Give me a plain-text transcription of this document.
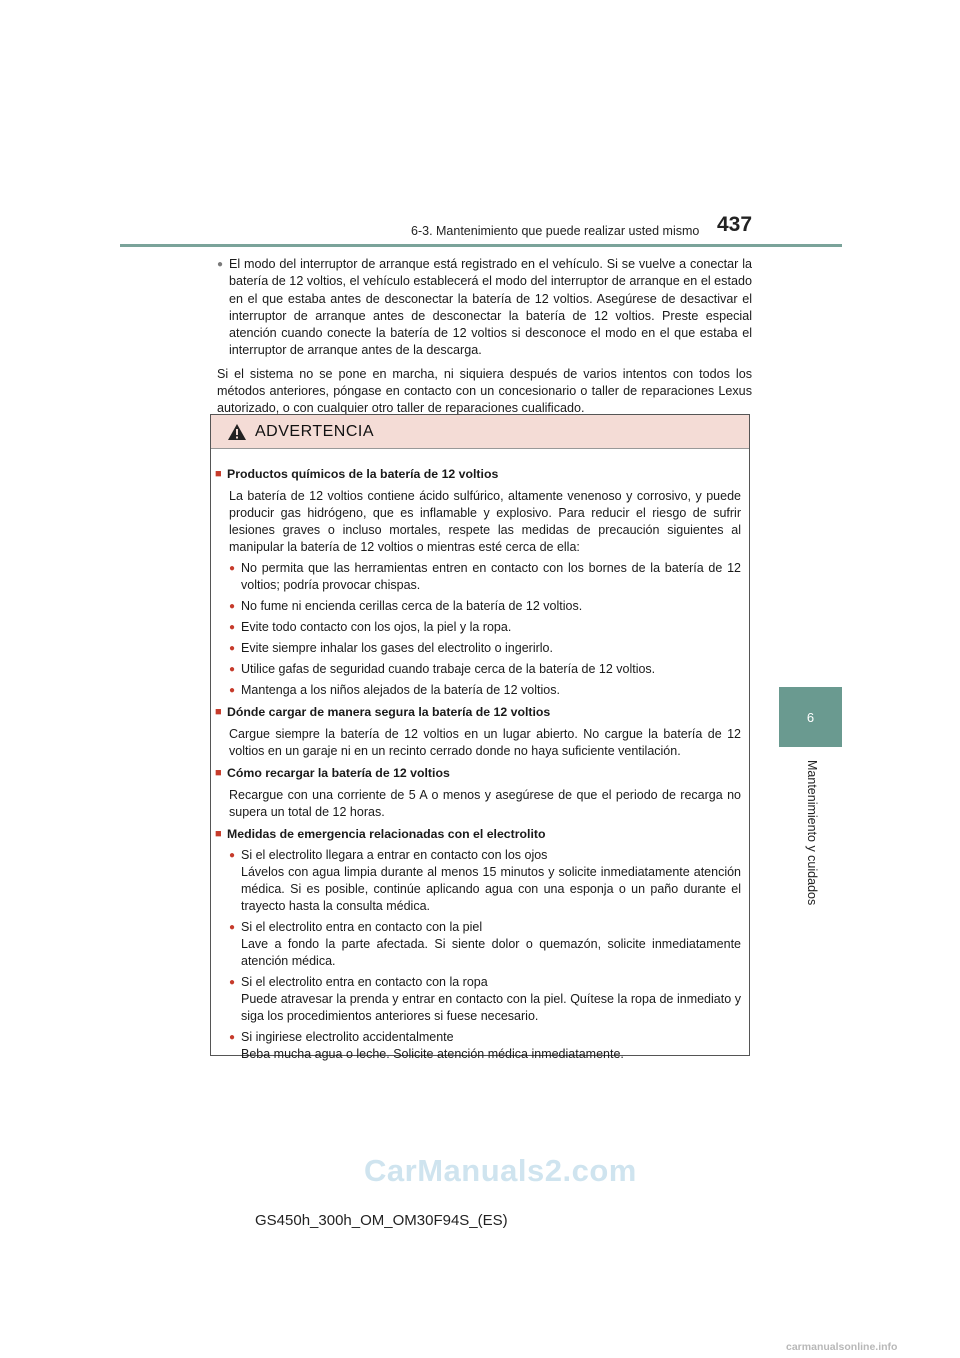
6-3. Mantenimiento que puede realizar usted mismo 437
6
Mantenimiento y cuidados
● El modo del interruptor de arranque está registrado en el vehículo. Si se vuelve a conectar la batería de 12 voltios, el vehículo establecerá el modo del interruptor de arranque en el estado en el que estaba antes de desconectar la batería de 12 voltios. Asegúrese de desactivar el interruptor de arranque antes de desconectar la batería de 12 voltios. Preste especial atención cuando conecte la batería de 12 voltios si desconoce el modo en el que estaba el interruptor de arranque antes de la descarga.
Si el sistema no se pone en marcha, ni siquiera después de varios intentos con todos los métodos anteriores, póngase en contacto con un concesionario o taller de reparaciones Lexus autorizado, o con cualquier otro taller de reparaciones cualificado.
ADVERTENCIA
■ Productos químicos de la batería de 12 voltios
La batería de 12 voltios contiene ácido sulfúrico, altamente venenoso y corrosivo, y puede producir gas hidrógeno, que es inflamable y explosivo. Para reducir el riesgo de sufrir lesiones graves o incluso mortales, respete las medidas de precaución siguientes al manipular la batería de 12 voltios o mientras esté cerca de ella:
● No permita que las herramientas entren en contacto con los bornes de la batería de 12 voltios; podría provocar chispas.
● No fume ni encienda cerillas cerca de la batería de 12 voltios.
● Evite todo contacto con los ojos, la piel y la ropa.
● Evite siempre inhalar los gases del electrolito o ingerirlo.
● Utilice gafas de seguridad cuando trabaje cerca de la batería de 12 voltios.
● Mantenga a los niños alejados de la batería de 12 voltios.
■ Dónde cargar de manera segura la batería de 12 voltios
Cargue siempre la batería de 12 voltios en un lugar abierto. No cargue la batería de 12 voltios en un garaje ni en un recinto cerrado donde no haya suficiente ventilación.
■ Cómo recargar la batería de 12 voltios
Recargue con una corriente de 5 A o menos y asegúrese de que el periodo de recarga no supera un total de 12 horas.
■ Medidas de emergencia relacionadas con el electrolito
● Si el electrolito llegara a entrar en contacto con los ojos
Lávelos con agua limpia durante al menos 15 minutos y solicite inmediatamente atención médica. Si es posible, continúe aplicando agua con una esponja o un paño durante el trayecto hasta la consulta médica.
● Si el electrolito entra en contacto con la piel
Lave a fondo la parte afectada. Si siente dolor o quemazón, solicite inmediatamente atención médica.
● Si el electrolito entra en contacto con la ropa
Puede atravesar la prenda y entrar en contacto con la piel. Quítese la ropa de inmediato y siga los procedimientos anteriores si fuese necesario.
● Si ingiriese electrolito accidentalmente
Beba mucha agua o leche. Solicite atención médica inmediatamente.
CarManuals2.com
GS450h_300h_OM_OM30F94S_(ES)
carmanualsonline.info
